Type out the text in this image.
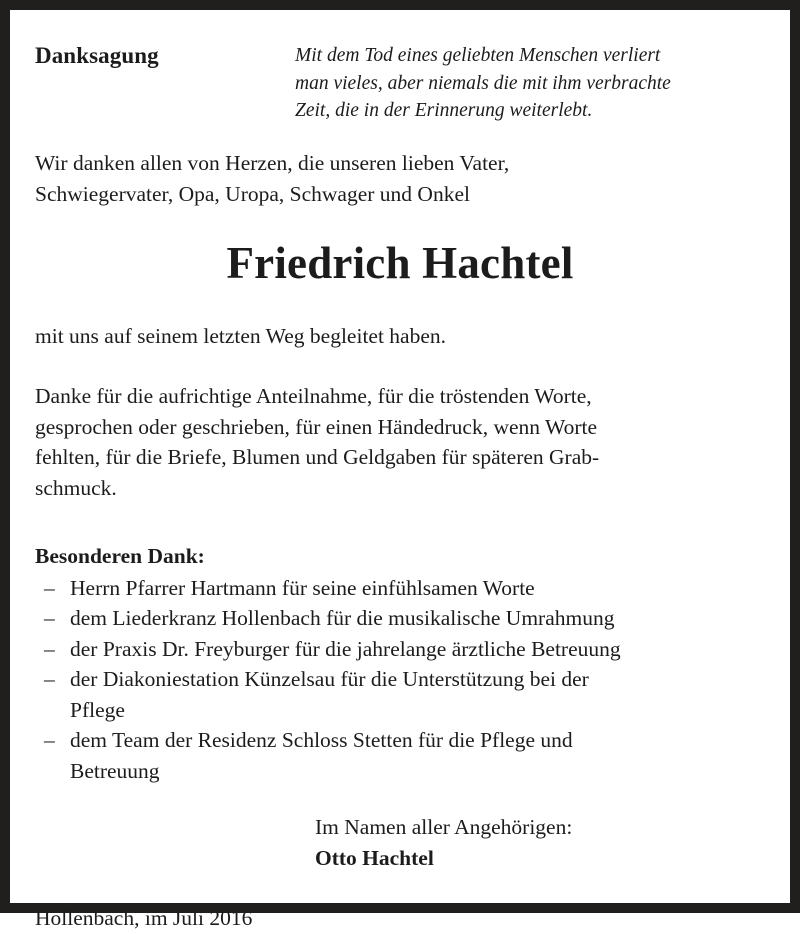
Danksagung	Mit dem Tod eines geliebten Menschen verliert
man vieles, aber niemals die mit ihm verbrachte
Zeit, die in der Erinnerung weiterlebt.
Wir danken allen von Herzen, die unseren lieben Vater,
Schwiegervater, Opa, Uropa, Schwager und Onkel
Friedrich Hachtel
mit uns auf seinem letzten Weg begleitet haben.
Danke für die aufrichtige Anteilnahme, für die tröstenden Worte,
gesprochen oder geschrieben, für einen Händedruck, wenn Worte
fehlten, für die Briefe, Blumen und Geldgaben für späteren Grab-
schmuck.
Besonderen Dank:
– Herrn Pfarrer Hartmann für seine einfühlsamen Worte
– dem Liederkranz Hollenbach für die musikalische Umrahmung
– der Praxis Dr. Freyburger für die jahrelange ärztliche Betreuung
– der Diakoniestation Künzelsau für die Unterstützung bei der
Pflege
– dem Team der Residenz Schloss Stetten für die Pflege und
Betreuung
Im Namen aller Angehörigen:
Otto Hachtel
Hollenbach, im Juli 2016
